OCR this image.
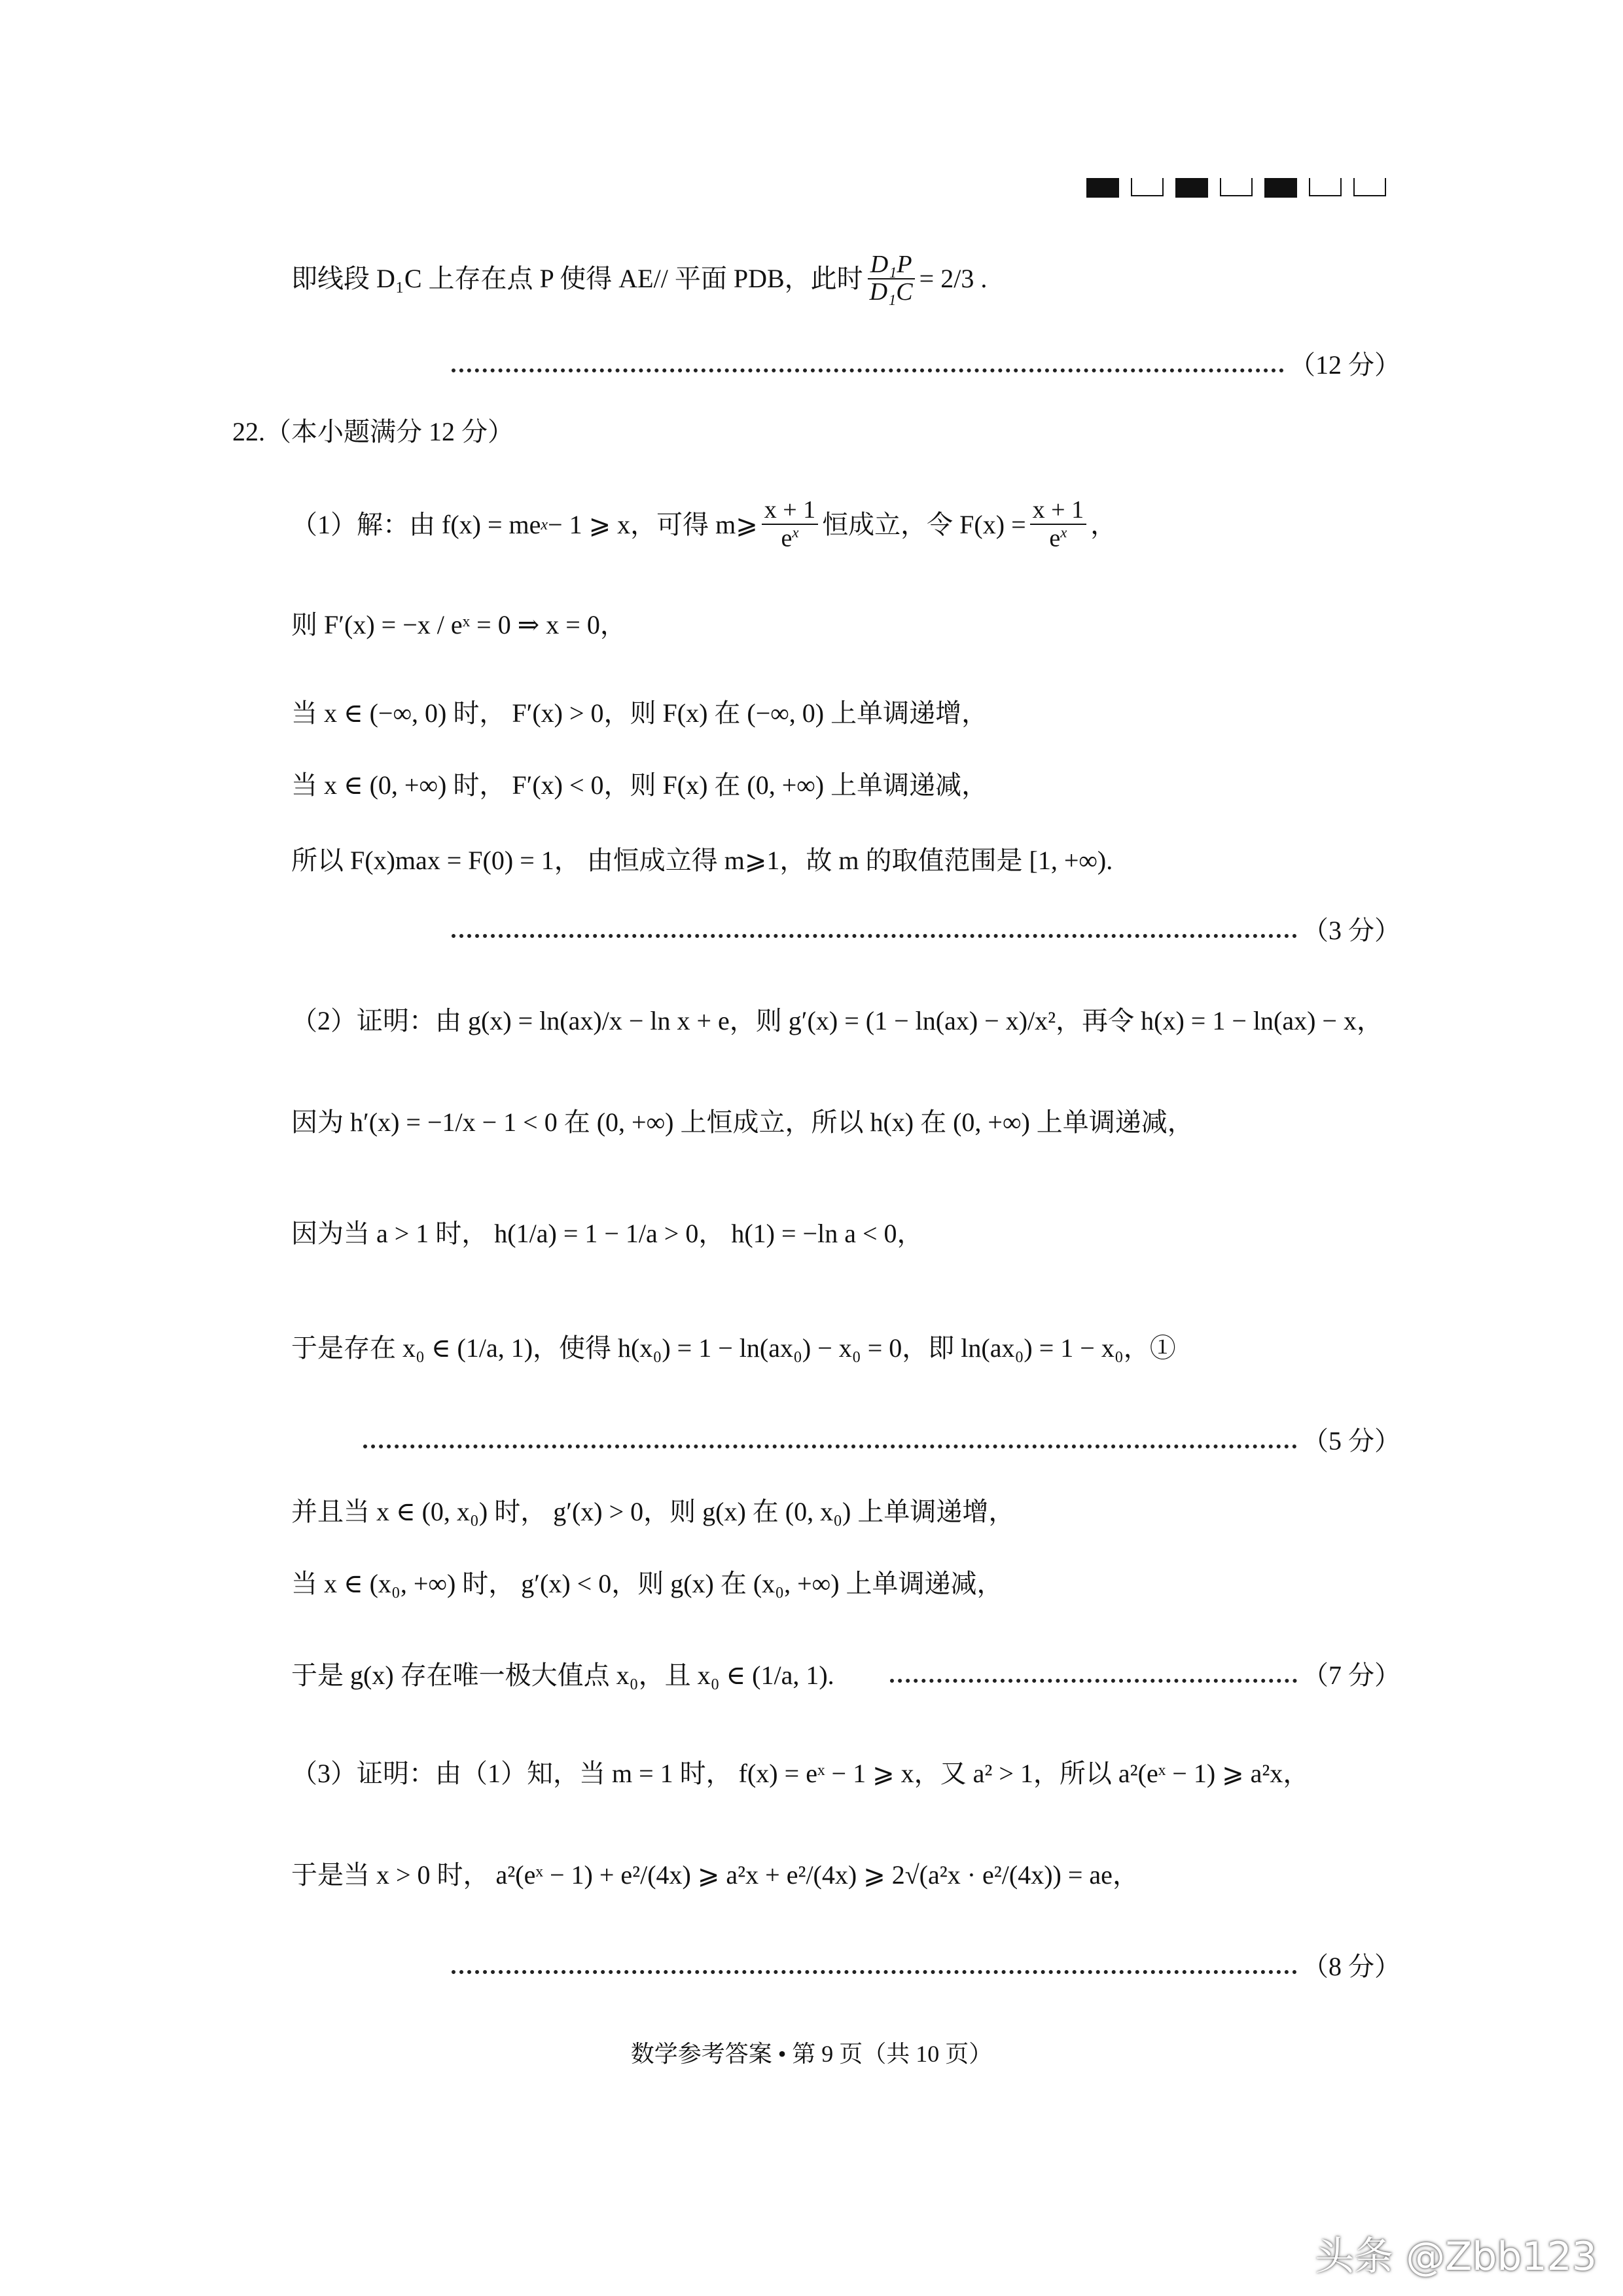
即线段 D₁C 上存在点 P 使得 AE// 平面 PDB，此时 $\frac{\text{D₁P}}{\text{D₁C}} = 2/3$ .
（12 分）
22.（本小题满分 12 分）
（1）解：由 f(x) = me x − 1 ⩾ x，可得 m⩾ $\frac{x + 1}{e^x}$ 恒成立，令 $F(x) = \frac{x + 1}{e^x}$ ，
则 F′(x) = −x / eˣ = 0 ⇒ x = 0，
当 x ∈ (−∞, 0) 时， F′(x) > 0，则 F(x) 在 (−∞, 0) 上单调递增，
当 x ∈ (0, +∞) 时， F′(x) < 0，则 F(x) 在 (0, +∞) 上单调递减，
所以 F(x)max = F(0) = 1， 由恒成立得 m⩾1，故 m 的取值范围是 [1, +∞).
（3 分）
（2）证明：由 g(x) = ln(ax)/x − ln x + e，则 g′(x) = (1 − ln(ax) − x)/x²，再令 h(x) = 1 − ln(ax) − x，
因为 h′(x) = −1/x − 1 < 0 在 (0, +∞) 上恒成立，所以 h(x) 在 (0, +∞) 上单调递减，
因为当 a > 1 时， h(1/a) = 1 − 1/a > 0， h(1) = −ln a < 0，
于是存在 x₀ ∈ (1/a, 1)，使得 h(x₀) = 1 − ln(ax₀) − x₀ = 0，即 ln(ax₀) = 1 − x₀，①
（5 分）
并且当 x ∈ (0, x₀) 时， g′(x) > 0，则 g(x) 在 (0, x₀) 上单调递增，
当 x ∈ (x₀, +∞) 时， g′(x) < 0，则 g(x) 在 (x₀, +∞) 上单调递减，
于是 g(x) 存在唯一极大值点 x₀，且 x₀ ∈ (1/a, 1).	（7 分）
（3）证明：由（1）知，当 m = 1 时， f(x) = eˣ − 1 ⩾ x，又 a² > 1，所以 a²(eˣ − 1) ⩾ a²x，
于是当 x > 0 时， a²(eˣ − 1) + e²/(4x) ⩾ a²x + e²/(4x) ⩾ 2√(a²x · e²/(4x)) = ae，
（8 分）
数学参考答案 • 第 9 页（共 10 页）
头条 @Zbb123
